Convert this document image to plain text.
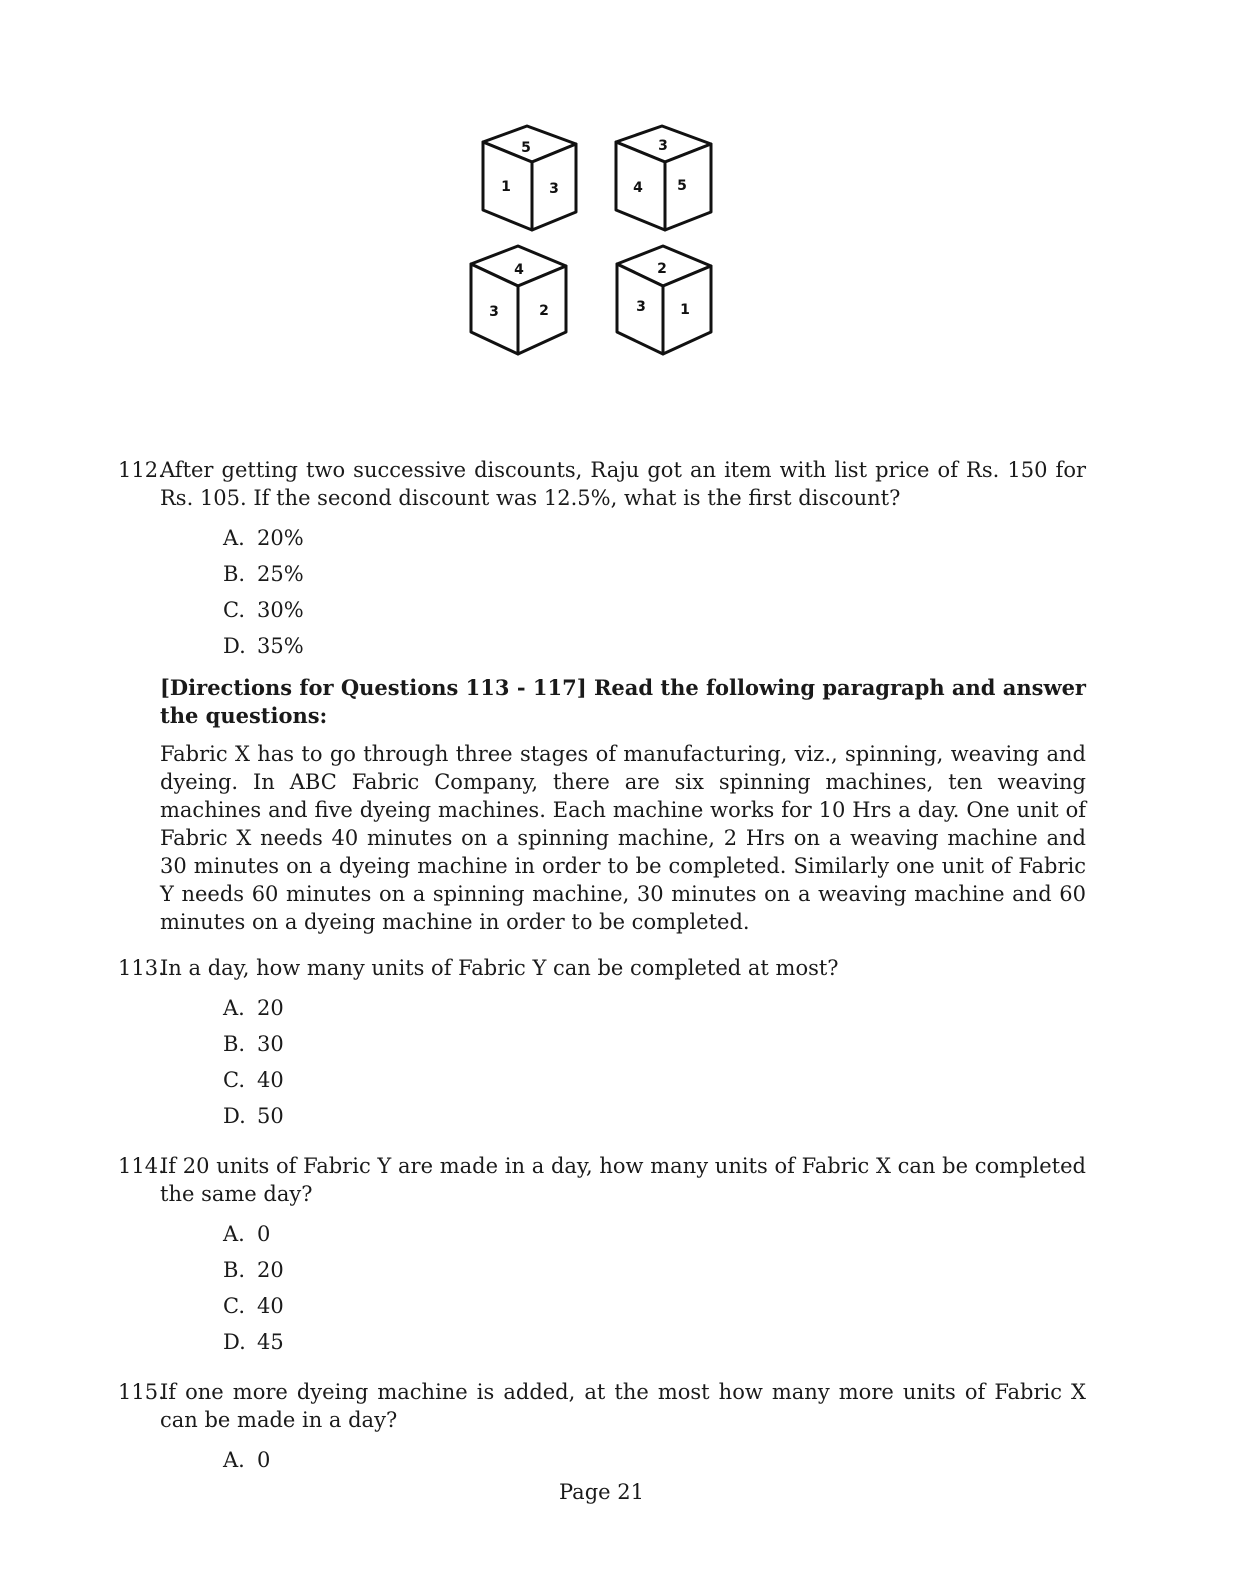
5
1	3
3
4 5
4
3	2
2
3 1
112.
After getting two successive discounts, Raju got an item with list price of Rs. 150 for Rs. 105. If the second discount was 12.5%, what is the first discount?
A. 20%
B. 25%
C. 30%
D. 35%
[Directions for Questions 113 - 117] Read the following paragraph and answer the questions:
Fabric X has to go through three stages of manufacturing, viz., spinning, weaving and dyeing. In ABC Fabric Company, there are six spinning machines, ten weaving machines and five dyeing machines. Each machine works for 10 Hrs a day. One unit of Fabric X needs 40 minutes on a spinning machine, 2 Hrs on a weaving machine and 30 minutes on a dyeing machine in order to be completed. Similarly one unit of Fabric Y needs 60 minutes on a spinning machine, 30 minutes on a weaving machine and 60 minutes on a dyeing machine in order to be completed.
113.
In a day, how many units of Fabric Y can be completed at most?
A. 20
B. 30
C. 40
D. 50
114.
If 20 units of Fabric Y are made in a day, how many units of Fabric X can be completed the same day?
A. 0
B. 20
C. 40
D. 45
115.
If one more dyeing machine is added, at the most how many more units of Fabric X can be made in a day?
A. 0
Page 21
